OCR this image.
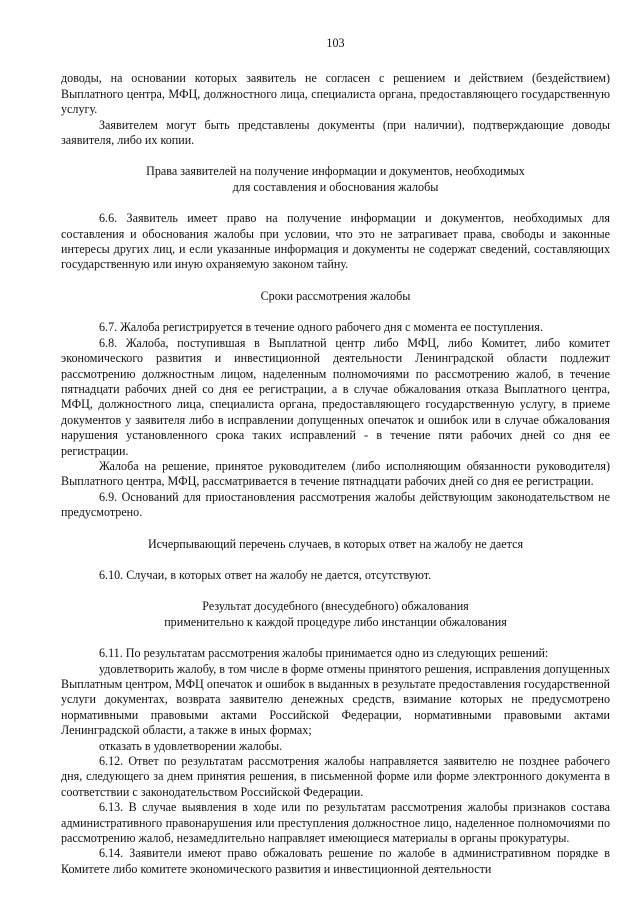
103

доводы, на основании которых заявитель не согласен с решением и действием (бездействием) Выплатного центра, МФЦ, должностного лица, специалиста органа, предоставляющего государственную услугу.

Заявителем могут быть представлены документы (при наличии), подтверждающие доводы заявителя, либо их копии.

Права заявителей на получение информации и документов, необходимых
для составления и обоснования жалобы

6.6. Заявитель имеет право на получение информации и документов, необходимых для составления и обоснования жалобы при условии, что это не затрагивает права, свободы и законные интересы других лиц, и если указанные информация и документы не содержат сведений, составляющих государственную или иную охраняемую законом тайну.

Сроки рассмотрения жалобы

6.7. Жалоба регистрируется в течение одного рабочего дня с момента ее поступления.

6.8. Жалоба, поступившая в Выплатной центр либо МФЦ, либо Комитет, либо комитет экономического развития и инвестиционной деятельности Ленинградской области подлежит рассмотрению должностным лицом, наделенным полномочиями по рассмотрению жалоб, в течение пятнадцати рабочих дней со дня ее регистрации, а в случае обжалования отказа Выплатного центра, МФЦ, должностного лица, специалиста органа, предоставляющего государственную услугу, в приеме документов у заявителя либо в исправлении допущенных опечаток и ошибок или в случае обжалования нарушения установленного срока таких исправлений - в течение пяти рабочих дней со дня ее регистрации.

Жалоба на решение, принятое руководителем (либо исполняющим обязанности руководителя) Выплатного центра, МФЦ, рассматривается в течение пятнадцати рабочих дней со дня ее регистрации.

6.9. Оснований для приостановления рассмотрения жалобы действующим законодательством не предусмотрено.

Исчерпывающий перечень случаев, в которых ответ на жалобу не дается

6.10. Случаи, в которых ответ на жалобу не дается, отсутствуют.

Результат досудебного (внесудебного) обжалования
применительно к каждой процедуре либо инстанции обжалования

6.11. По результатам рассмотрения жалобы принимается одно из следующих решений:

удовлетворить жалобу, в том числе в форме отмены принятого решения, исправления допущенных Выплатным центром, МФЦ опечаток и ошибок в выданных в результате предоставления государственной услуги документах, возврата заявителю денежных средств, взимание которых не предусмотрено нормативными правовыми актами Российской Федерации, нормативными правовыми актами Ленинградской области, а также в иных формах;

отказать в удовлетворении жалобы.

6.12. Ответ по результатам рассмотрения жалобы направляется заявителю не позднее рабочего дня, следующего за днем принятия решения, в письменной форме или форме электронного документа в соответствии с законодательством Российской Федерации.

6.13. В случае выявления в ходе или по результатам рассмотрения жалобы признаков состава административного правонарушения или преступления должностное лицо, наделенное полномочиями по рассмотрению жалоб, незамедлительно направляет имеющиеся материалы в органы прокуратуры.

6.14. Заявители имеют право обжаловать решение по жалобе в административном порядке в Комитете либо комитете экономического развития и инвестиционной деятельности
